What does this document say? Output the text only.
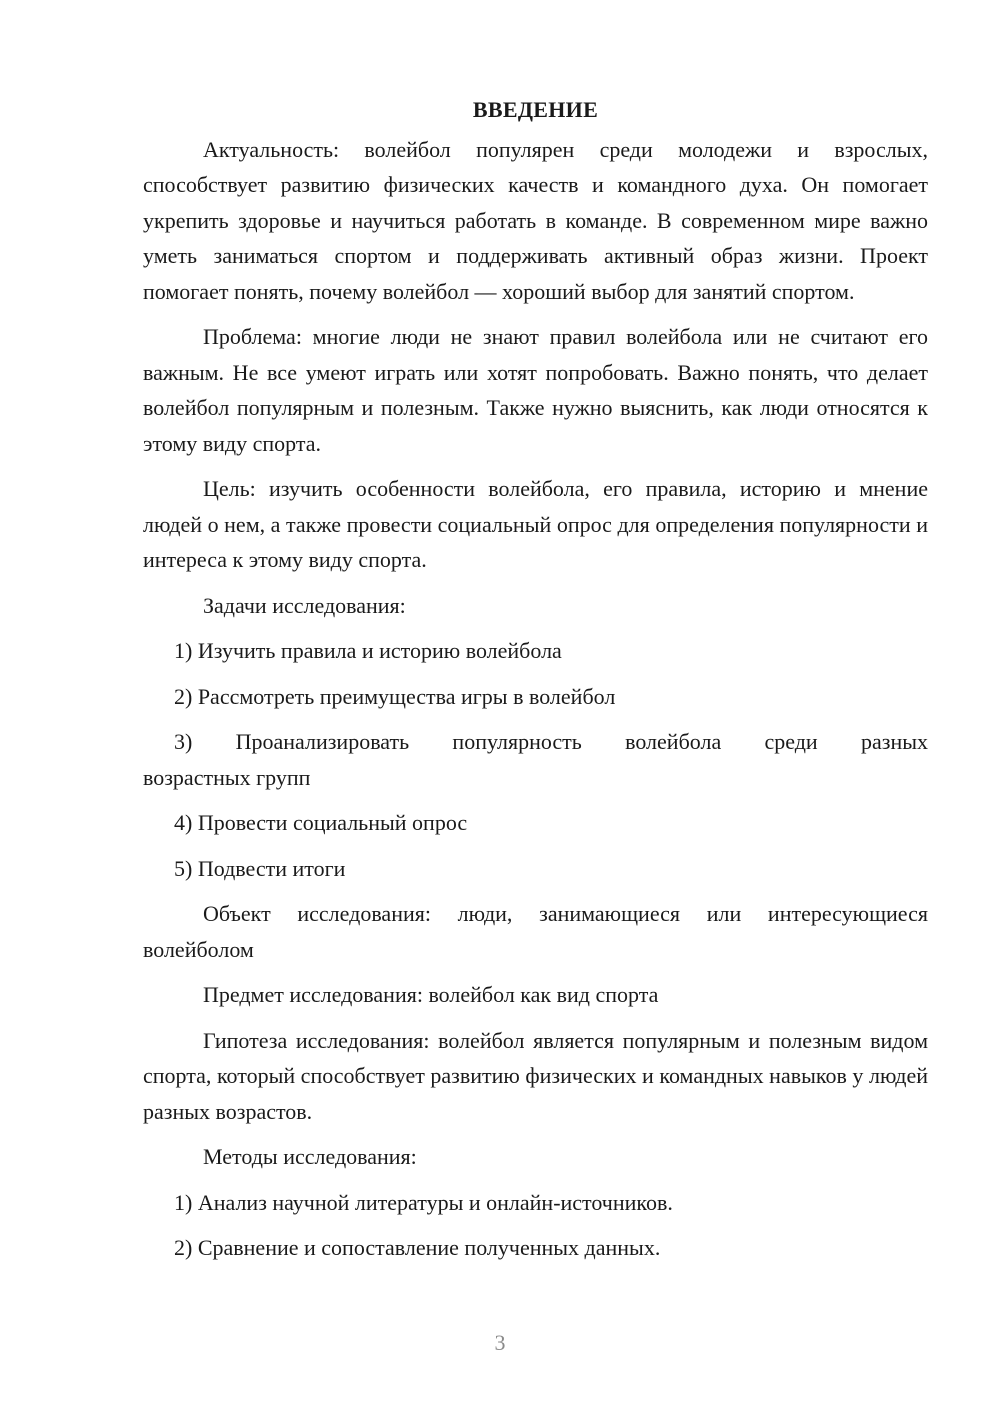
ВВЕДЕНИЕ

Актуальность: волейбол популярен среди молодежи и взрослых, способствует развитию физических качеств и командного духа. Он помогает укрепить здоровье и научиться работать в команде. В современном мире важно уметь заниматься спортом и поддерживать активный образ жизни. Проект помогает понять, почему волейбол — хороший выбор для занятий спортом.

Проблема: многие люди не знают правил волейбола или не считают его важным. Не все умеют играть или хотят попробовать. Важно понять, что делает волейбол популярным и полезным. Также нужно выяснить, как люди относятся к этому виду спорта.

Цель: изучить особенности волейбола, его правила, историю и мнение людей о нем, а также провести социальный опрос для определения популярности и интереса к этому виду спорта.

Задачи исследования:

1) Изучить правила и историю волейбола

2) Рассмотреть преимущества игры в волейбол

3) Проанализировать популярность волейбола среди разных

возрастных групп

4) Провести социальный опрос

5) Подвести итоги

Объект исследования: люди, занимающиеся или интересующиеся волейболом

Предмет исследования: волейбол как вид спорта

Гипотеза исследования: волейбол является популярным и полезным видом спорта, который способствует развитию физических и командных навыков у людей разных возрастов.

Методы исследования:

1) Анализ научной литературы и онлайн-источников.

2) Сравнение и сопоставление полученных данных.

3
